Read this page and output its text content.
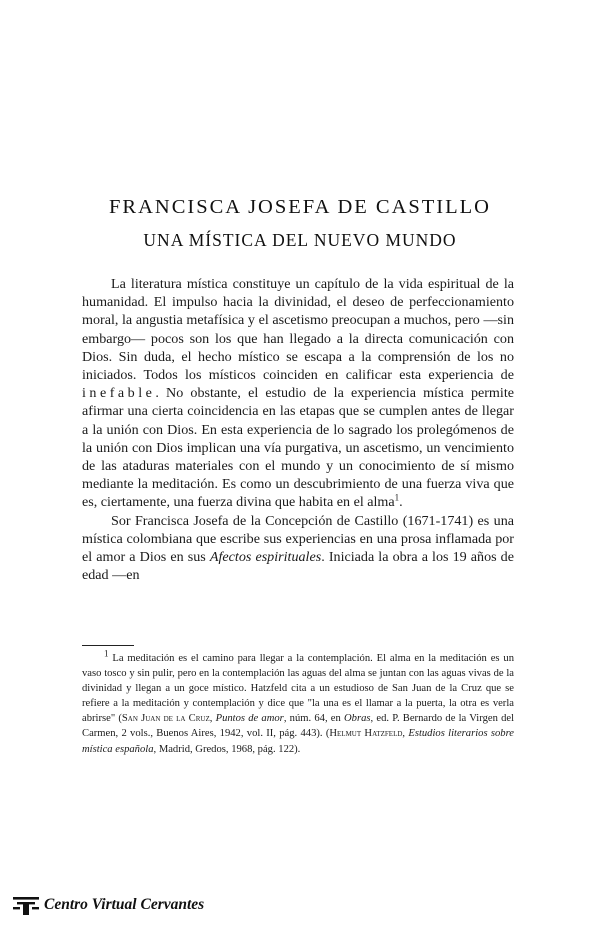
FRANCISCA JOSEFA DE CASTILLO
UNA MÍSTICA DEL NUEVO MUNDO

La literatura mística constituye un capítulo de la vida espiritual de la humanidad. El impulso hacia la divinidad, el deseo de perfeccionamiento moral, la angustia metafísica y el ascetismo preocupan a muchos, pero —sin embargo— pocos son los que han llegado a la directa comunicación con Dios. Sin duda, el hecho místico se escapa a la comprensión de los no iniciados. Todos los místicos coinciden en calificar esta experiencia de inefable. No obstante, el estudio de la experiencia mística permite afirmar una cierta coincidencia en las etapas que se cumplen antes de llegar a la unión con Dios. En esta experiencia de lo sagrado los prolegómenos de la unión con Dios implican una vía purgativa, un ascetismo, un vencimiento de las ataduras materiales con el mundo y un conocimiento de sí mismo mediante la meditación. Es como un descubrimiento de una fuerza viva que es, ciertamente, una fuerza divina que habita en el alma$^1$.

Sor Francisca Josefa de la Concepción de Castillo (1671-1741) es una mística colombiana que escribe sus experiencias en una prosa inflamada por el amor a Dios en sus Afectos espirituales. Iniciada la obra a los 19 años de edad —en

$^1$ La meditación es el camino para llegar a la contemplación. El alma en la meditación es un vaso tosco y sin pulir, pero en la contemplación las aguas del alma se juntan con las aguas vivas de la divinidad y llegan a un goce místico. Hatzfeld cita a un estudioso de San Juan de la Cruz que se refiere a la meditación y contemplación y dice que "la una es el llamar a la puerta, la otra es verla abrirse" (San Juan de la Cruz, Puntos de amor, núm. 64, en Obras, ed. P. Bernardo de la Virgen del Carmen, 2 vols., Buenos Aires, 1942, vol. II, pág. 443). (Helmut Hatzfeld, Estudios literarios sobre mística española, Madrid, Gredos, 1968, pág. 122).

Centro Virtual Cervantes
